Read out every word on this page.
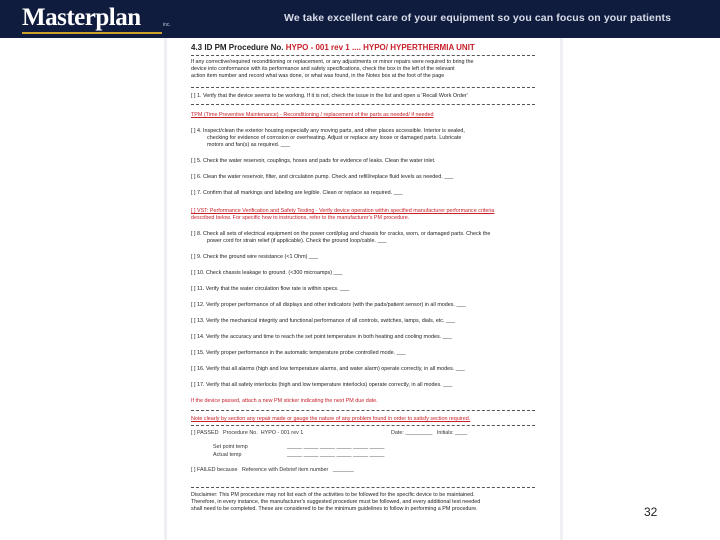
Masterplan	inc.
We take excellent care of your equipment so you can focus on your patients
4.3 ID PM Procedure No. HYPO - 001 rev 1 .... HYPO/ HYPERTHERMIA UNIT
If any corrective/required reconditioning or replacement, or any adjustments or minor repairs were required to bring the
device into conformance with its performance and safety specifications, check the box in the left of the relevant
action item number and record what was done, or what was found, in the Notes box at the foot of the page
[ ] 1. Verify that the device seems to be working. If it is not, check the issue in the list and open a 'Recall Work Order'
TPM (Time Preventive Maintenance) - Reconditioning / replacement of the parts as needed/ if needed
[ ] 4. Inspect/clean the exterior housing especially any moving parts, and other places accessible. Interior is sealed,
checking for evidence of corrosion or overheating. Adjust or replace any loose or damaged parts. Lubricate
motors and fan(s) as required. ___
[ ] 5. Check the water reservoir, couplings, hoses and pads for evidence of leaks. Clean the water inlet.
[ ] 6. Clean the water reservoir, filter, and circulation pump. Check and refill/replace fluid levels as needed. ___
[ ] 7. Confirm that all markings and labeling are legible. Clean or replace as required. ___
[ ] VST: Performance Verification and Safety Testing - Verify device operation within specified manufacturer performance criteria
described below. For specific how to instructions, refer to the manufacturer's PM procedure.
[ ] 8. Check all sets of electrical equipment on the power cord/plug and chassis for cracks, worn, or damaged parts. Check the
power cord for strain relief (if applicable). Check the ground loop/cable. ___
[ ] 9. Check the ground wire resistance (<1 Ohm) ___
[ ] 10. Check chassis leakage to ground. (<300 microamps) ___
[ ] 11. Verify that the water circulation flow rate is within specs. ___
[ ] 12. Verify proper performance of all displays and other indicators (with the pads/patient sensor) in all modes. ___
[ ] 13. Verify the mechanical integrity and functional performance of all controls, switches, lamps, dials, etc. ___
[ ] 14. Verify the accuracy and time to reach the set point temperature in both heating and cooling modes. ___
[ ] 15. Verify proper performance in the automatic temperature probe controlled mode. ___
[ ] 16. Verify that all alarms (high and low temperature alarms, and water alarm) operate correctly, in all modes. ___
[ ] 17. Verify that all safety interlocks (high and low temperature interlocks) operate correctly, in all modes. ___
If the device passed, attach a new PM sticker indicating the next PM due date.
Note clearly by section any repair made or gauge the nature of any problem found in order to satisfy section required.
[ ] PASSED Procedure No. HYPO - 001 rev 1	Date: _________ Initials: ____
Set point temp	_____ _____ _____ _____ _____ _____
Actual temp	_____ _____ _____ _____ _____ _____
[ ] FAILED because Reference with Debrief item number _______
Disclaimer: This PM procedure may not list each of the activities to be followed for the specific device to be maintained.
Therefore, in every instance, the manufacturer's suggested procedure must be followed, and every additional test needed
shall need to be completed. These are considered to be the minimum guidelines to follow in performing a PM procedure.	32
